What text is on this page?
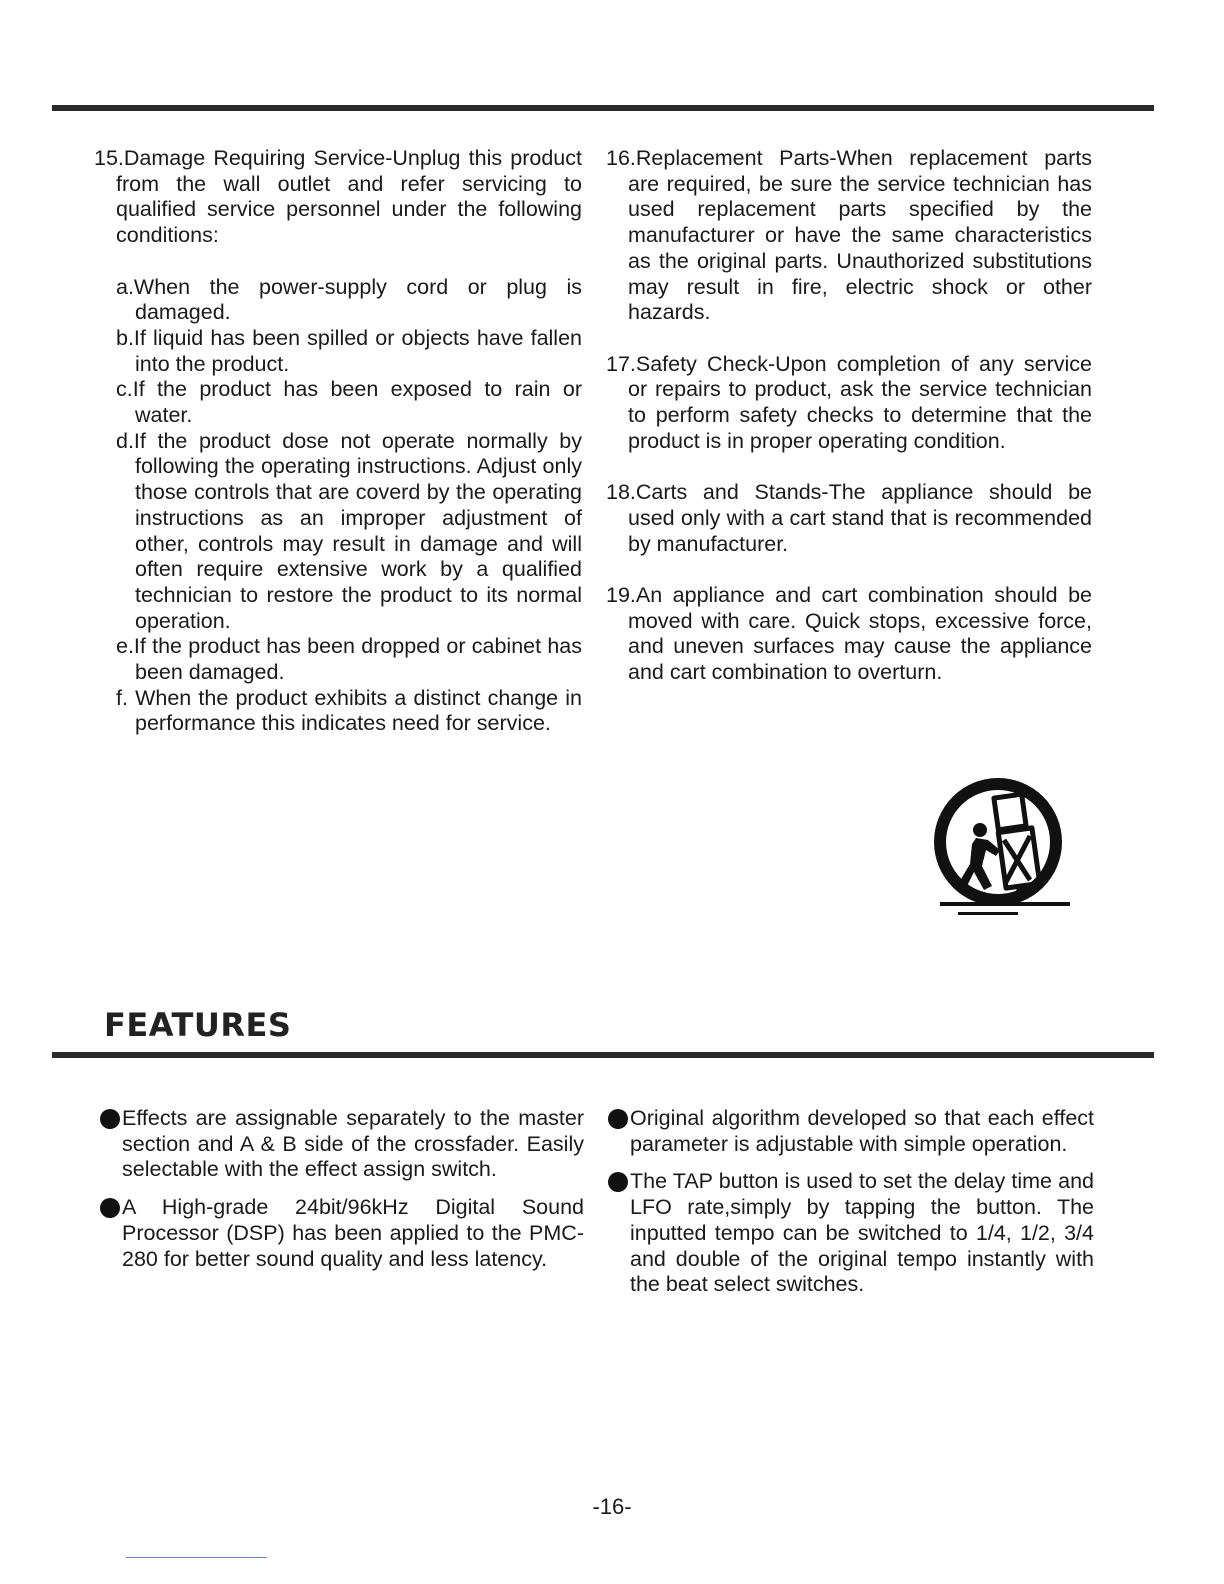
15.Damage Requiring Service-Unplug this product from the wall outlet and refer servicing to qualified service personnel under the following conditions:

a.When the power-supply cord or plug is damaged.

b.If liquid has been spilled or objects have fallen into the product.

c.If the product has been exposed to rain or water.

d.If the product dose not operate normally by following the operating instructions. Adjust only those controls that are coverd by the operating instructions as an improper adjustment of other, controls may result in damage and will often require extensive work by a qualified technician to restore the product to its normal operation.

e.If the product has been dropped or cabinet has been damaged.

f. When the product exhibits a distinct change in performance this indicates need for service.

16.Replacement Parts-When replacement parts are required, be sure the service technician has used replacement parts specified by the manufacturer or have the same characteristics as the original parts. Unauthorized substitutions may result in fire, electric shock or other hazards.

17.Safety Check-Upon completion of any service or repairs to product, ask the service technician to perform safety checks to determine that the product is in proper operating condition.

18.Carts and Stands-The appliance should be used only with a cart stand that is recommended by manufacturer.

19.An appliance and cart combination should be moved with care. Quick stops, excessive force, and uneven surfaces may cause the appliance and cart combination to overturn.

FEATURES

Effects are assignable separately to the master section and A & B side of the crossfader. Easily selectable with the effect assign switch.

A High-grade 24bit/96kHz Digital Sound Processor (DSP) has been applied to the PMC-280 for better sound quality and less latency.

Original algorithm developed so that each effect parameter is adjustable with simple operation.

The TAP button is used to set the delay time and LFO rate,simply by tapping the button. The inputted tempo can be switched to 1/4, 1/2, 3/4 and double of the original tempo instantly with the beat select switches.

-16-
